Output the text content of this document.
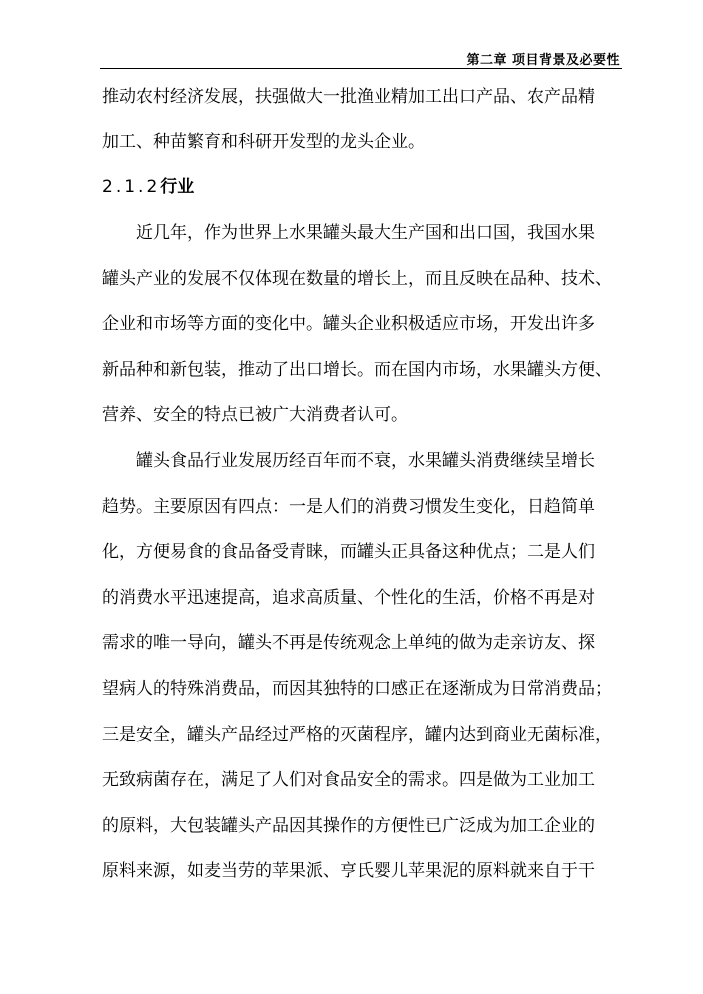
第二章 项目背景及必要性
推动农村经济发展，扶强做大一批渔业精加工出口产品、农产品精
加工、种苗繁育和科研开发型的龙头企业。
2.1.2行业
近几年，作为世界上水果罐头最大生产国和出口国，我国水果
罐头产业的发展不仅体现在数量的增长上，而且反映在品种、技术、
企业和市场等方面的变化中。罐头企业积极适应市场，开发出许多
新品种和新包装，推动了出口增长。而在国内市场，水果罐头方便、
营养、安全的特点已被广大消费者认可。
罐头食品行业发展历经百年而不衰，水果罐头消费继续呈增长
趋势。主要原因有四点：一是人们的消费习惯发生变化，日趋简单
化，方便易食的食品备受青睐，而罐头正具备这种优点；二是人们
的消费水平迅速提高，追求高质量、个性化的生活，价格不再是对
需求的唯一导向，罐头不再是传统观念上单纯的做为走亲访友、探
望病人的特殊消费品，而因其独特的口感正在逐渐成为日常消费品；
三是安全，罐头产品经过严格的灭菌程序，罐内达到商业无菌标准，
无致病菌存在，满足了人们对食品安全的需求。四是做为工业加工
的原料，大包装罐头产品因其操作的方便性已广泛成为加工企业的
原料来源，如麦当劳的苹果派、亨氏婴儿苹果泥的原料就来自于干
